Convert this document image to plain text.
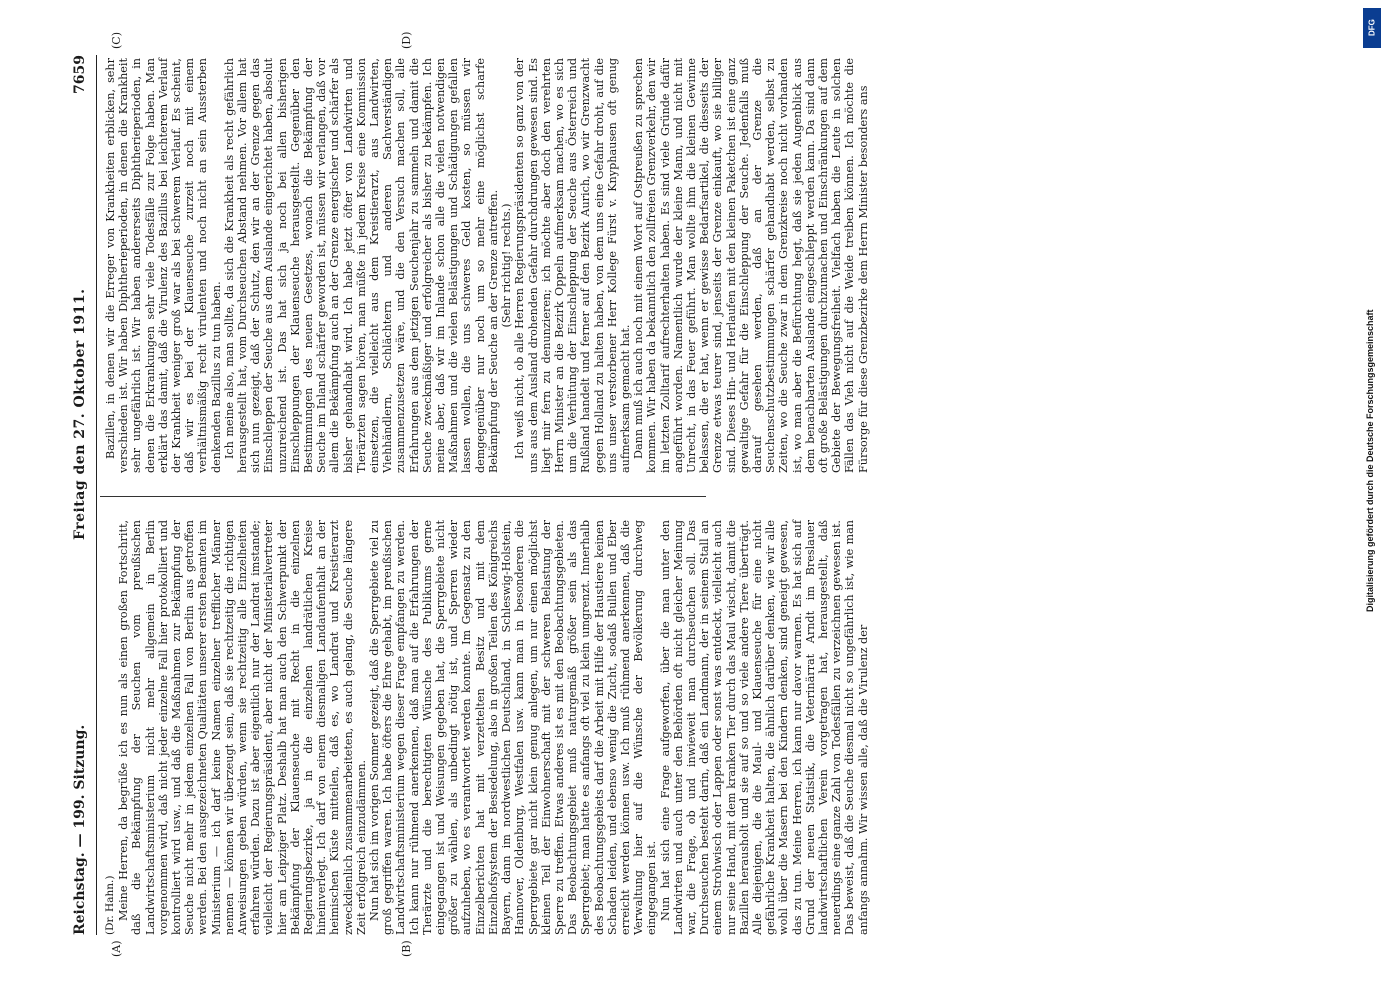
Reichstag. — 199. Sitzung.
Freitag den 27. Oktober 1911.
7659

(Dr. Hahn.) Meine Herren, da begrüße ich es nun als einen großen Fortschritt, daß die Bekämpfung der Seuchen vom preußischen Landwirtschaftsministerium nicht mehr allgemein in Berlin vorgenommen wird, daß nicht jeder einzelne Fall hier protokolliert und kontrolliert wird usw., und daß die Maßnahmen zur Bekämpfung der Seuche nicht mehr in jedem einzelnen Fall von Berlin aus getroffen werden. Bei den ausgezeichneten Qualitäten unserer ersten Beamten im Ministerium — ich darf keine Namen einzelner trefflicher Männer nennen — können wir überzeugt sein, daß sie rechtzeitig die richtigen Anweisungen geben würden, wenn sie rechtzeitig alle Einzelheiten erfahren würden. Dazu ist aber eigentlich nur der Landrat imstande; vielleicht der Regierungspräsident, aber nicht der Ministerialvertreter hier am Leipziger Platz. Deshalb hat man auch den Schwerpunkt der Bekämpfung der Klauenseuche mit Recht in die einzelnen Regierungsbezirke, ja in die einzelnen landrätlichen Kreise hineinverlegt. Ich darf von einem diesmaligen Landaufenthalt an der heimischen Küste mitteilen, daß es, wo Landrat und Kreistierarzt zweckdienlich zusammenarbeiteten, es auch gelang, die Seuche längere Zeit erfolgreich einzudämmen. Nun hat sich im vorigen Sommer gezeigt, daß die Sperrgebiete viel zu groß gegriffen waren. Ich habe öfters die Ehre gehabt, im preußischen Landwirtschaftsministerium wegen dieser Frage empfangen zu werden. Ich kann nur rühmend anerkennen, daß man auf die Erfahrungen der Tierärzte und die berechtigten Wünsche des Publikums gerne eingegangen ist und Weisungen gegeben hat, die Sperrgebiete nicht größer zu wählen, als unbedingt nötig ist, und Sperren wieder aufzuheben, wo es verantwortet werden konnte. Im Gegensatz zu den Einzelberichten hat mit verzettelten Besitz und mit dem Einzelhofsystem der Besiedelung, also in großen Teilen des Königreichs Bayern, dann im nordwestlichen Deutschland, in Schleswig-Holstein, Hannover, Oldenburg, Westfalen usw. kann man in besonderen die Sperrgebiete gar nicht klein genug anlegen, um nur einen möglichst kleinen Teil der Einwohnerschaft mit der schweren Belastung der Sperre zu treffen. Etwas anderes ist es mit den Beobachtungsgebieten. Das Beobachtungsgebiet muß naturgemäß größer sein als das Sperrgebiet; man hatte es anfangs oft viel zu klein umgrenzt. Innerhalb des Beobachtungsgebiets darf die Arbeit mit Hilfe der Haustiere keinen Schaden leiden, und ebenso wenig die Zucht, sodaß Bullen und Eber erreicht werden können usw. Ich muß rühmend anerkennen, daß die Verwaltung hier auf die Wünsche der Bevölkerung durchweg eingegangen ist. Nun hat sich eine Frage aufgeworfen, über die man unter den Landwirten und auch unter den Behörden oft nicht gleicher Meinung war, die Frage, ob und inwieweit man durchseuchen soll. Das Durchseuchen besteht darin, daß ein Landmann, der in seinem Stall an einem Strohwisch oder Lappen oder sonst was entdeckt, vielleicht auch nur seine Hand, mit dem kranken Tier durch das Maul wischt, damit die Bazillen herausholt und sie auf so und so viele andere Tiere überträgt. Alle diejenigen, die die Maul- und Klauenseuche für eine nicht gefährliche Krankheit halten, die ähnlich darüber denken, wie wir alle wohl über die Masern bei den Kindern denken, sind geneigt gewesen, das zu tun. Meine Herren, ich kann nur davor warnen. Es hat sich auf Grund der neuen Statistik, die Veterinärrat Arndt im Breslauer landwirtschaftlichen Verein vorgetragen hat, herausgestellt, daß neuerdings eine ganze Zahl von Todesfällen zu verzeichnen gewesen ist. Das beweist, daß die Seuche diesmal nicht so ungefährlich ist, wie man anfangs annahm. Wir wissen alle, daß die Virulenz der

Bazillen, in denen wir die Erreger von Krankheiten erblicken, sehr verschieden ist. Wir haben Diphtherieperioden, in denen die Krankheit sehr ungefährlich ist. Wir haben andererseits Diphtherieperioden, in denen die Erkrankungen sehr viele Todesfälle zur Folge haben. Man erklärt das damit, daß die Virulenz des Bazillus bei leichterem Verlauf der Krankheit weniger groß war als bei schwerem Verlauf. Es scheint, daß wir es bei der Klauenseuche zurzeit noch mit einem verhältnismäßig recht virulenten und noch nicht an sein Aussterben denkenden Bazillus zu tun haben. Ich meine also, man sollte, da sich die Krankheit als recht gefährlich herausgestellt hat, vom Durchseuchen Abstand nehmen. Vor allem hat sich nun gezeigt, daß der Schutz, den wir an der Grenze gegen das Einschleppen der Seuche aus dem Auslande eingerichtet haben, absolut unzureichend ist. Das hat sich ja noch bei allen bisherigen Einschleppungen der Klauenseuche herausgestellt. Gegenüber den Bestimmungen des neuen Gesetzes, wonach die Bekämpfung der Seuche im Inland schärfer geworden ist, müssen wir verlangen, daß vor allem die Bekämpfung auch an der Grenze energischer und schärfer als bisher gehandhabt wird. Ich habe jetzt öfter von Landwirten und Tierärzten sagen hören, man müßte in jedem Kreise eine Kommission einsetzen, die vielleicht aus dem Kreistierarzt, aus Landwirten, Viehhändlern, Schlächtern und anderen Sachverständigen zusammenzusetzen wäre, und die den Versuch machen soll, alle Erfahrungen aus dem jetzigen Seuchenjahr zu sammeln und damit die Seuche zweckmäßiger und erfolgreicher als bisher zu bekämpfen. Ich meine aber, daß wir im Inlande schon alle die vielen notwendigen Maßnahmen und die vielen Belästigungen und Schädigungen gefallen lassen wollen, die uns schweres Geld kosten, so müssen wir demgegenüber nur noch um so mehr eine möglichst scharfe Bekämpfung der Seuche an der Grenze antreffen. (Sehr richtig! rechts.) Ich weiß nicht, ob alle Herren Regierungspräsidenten so ganz von der uns aus dem Ausland drohenden Gefahr durchdrungen gewesen sind. Es liegt mir fern zu denunzieren; ich möchte aber doch den verehrten Herrn Minister an die Bezirk Oppeln aufmerksam machen, wo es sich um die Verhütung der Einschleppung der Seuche aus Österreich und Rußland handelt und ferner auf den Bezirk Aurich, wo wir Grenzwacht gegen Holland zu halten haben, von dem uns eine Gefahr droht, auf die uns unser verstorbener Herr Kollege Fürst v. Knyphausen oft genug aufmerksam gemacht hat. Dann muß ich auch noch mit einem Wort auf Ostpreußen zu sprechen kommen. Wir haben da bekanntlich den zollfreien Grenzverkehr, den wir im letzten Zolltarif aufrechterhalten haben. Es sind viele Gründe dafür angeführt worden. Namentlich wurde der kleine Mann, und nicht mit Unrecht, in das Feuer geführt. Man wollte ihm die kleinen Gewinne belassen, die er hat, wenn er gewisse Bedarfsartikel, die diesseits der Grenze etwas teurer sind, jenseits der Grenze einkauft, wo sie billiger sind. Dieses Hin- und Herlaufen mit den kleinen Paketchen ist eine ganz gewaltige Gefahr für die Einschleppung der Seuche. Jedenfalls muß darauf gesehen werden, daß an der Grenze die Seuchenschutzbestimmungen schärfer gehandhabt werden, selbst zu Zeiten, wo die Seuche zwar in dem Grenzkreise noch nicht vorhanden ist, wo man aber die Befürchtung hegt, daß sie jeden Augenblick aus dem benachbarten Auslande eingeschleppt werden kann. Da sind dann oft große Belästigungen durchzumachen und Einschränkungen auf dem Gebiete der Bewegungsfreiheit. Vielfach haben die Leute in solchen Fällen das Vieh nicht auf die Weide treiben können. Ich möchte die Fürsorge für diese Grenzbezirke dem Herrn Minister besonders ans

(A)	(B)
(C)	(D)
DFG
Digitalisierung gefördert durch die Deutsche Forschungsgemeinschaft
